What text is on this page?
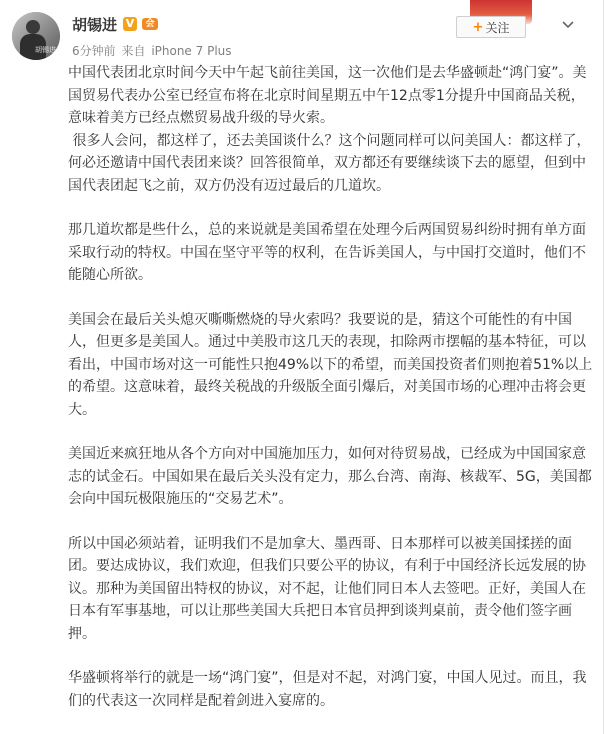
胡锡进
胡锡进 V	会
6分钟前 来自 iPhone 7 Plus
+ 关注

中国代表团北京时间今天中午起飞前往美国，这一次他们是去华盛顿赴“鸿门宴”。美国贸易代表办公室已经宣布将在北京时间星期五中午12点零1分提升中国商品关税，意味着美方已经点燃贸易战升级的导火索。
很多人会问，都这样了，还去美国谈什么？这个问题同样可以问美国人：都这样了，何必还邀请中国代表团来谈？回答很简单，双方都还有要继续谈下去的愿望，但到中国代表团起飞之前，双方仍没有迈过最后的几道坎。

那几道坎都是些什么，总的来说就是美国希望在处理今后两国贸易纠纷时拥有单方面采取行动的特权。中国在坚守平等的权利，在告诉美国人，与中国打交道时，他们不能随心所欲。

美国会在最后关头熄灭嘶嘶燃烧的导火索吗？我要说的是，猜这个可能性的有中国人，但更多是美国人。通过中美股市这几天的表现，扣除两市摆幅的基本特征，可以看出，中国市场对这一可能性只抱49%以下的希望，而美国投资者们则抱着51%以上的希望。这意味着，最终关税战的升级版全面引爆后，对美国市场的心理冲击将会更大。

美国近来疯狂地从各个方向对中国施加压力，如何对待贸易战，已经成为中国国家意志的试金石。中国如果在最后关头没有定力，那么台湾、南海、核裁军、5G，美国都会向中国玩极限施压的“交易艺术”。

所以中国必须站着，证明我们不是加拿大、墨西哥、日本那样可以被美国揉搓的面团。要达成协议，我们欢迎，但我们只要公平的协议，有利于中国经济长远发展的协议。那种为美国留出特权的协议，对不起，让他们同日本人去签吧。正好，美国人在日本有军事基地，可以让那些美国大兵把日本官员押到谈判桌前，责令他们签字画押。

华盛顿将举行的就是一场“鸿门宴”，但是对不起，对鸿门宴，中国人见过。而且，我们的代表这一次同样是配着剑进入宴席的。
